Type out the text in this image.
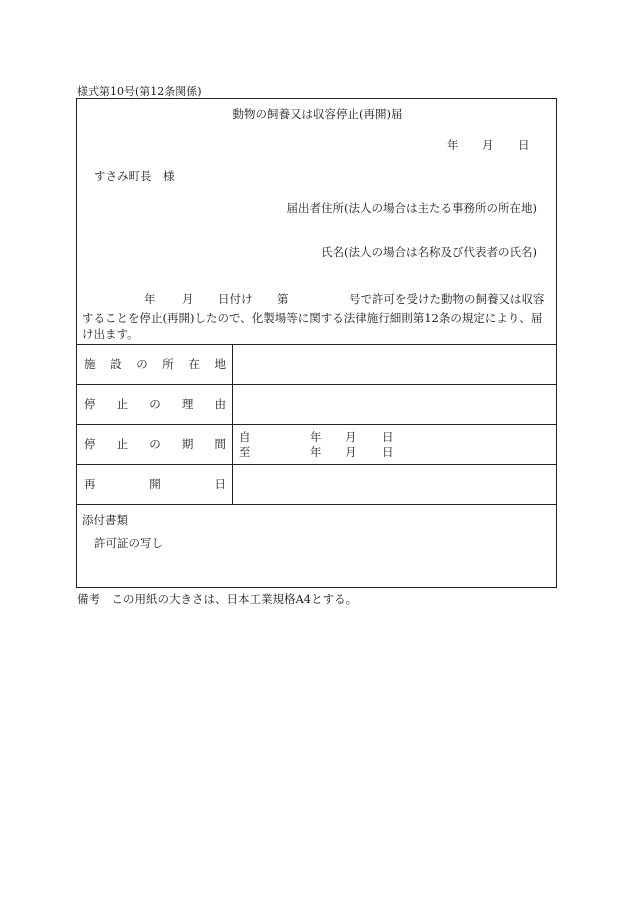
様式第10号(第12条関係)
動物の飼養又は収容停止(再開)届
年 月 日
すさみ町長　様
届出者住所(法人の場合は主たる事務所の所在地)
氏名(法人の場合は名称及び代表者の氏名)

年

月

日付け

第

	号で許可を受けた動物の飼養又は収容

することを停止(再開)したので、化製場等に関する法律施行細則第12条の規定により、届
け出ます。
施 設 の 所 在 地
停 止 の 理 由
停 止 の 期 間 自	年 月 日
至	年 月 日
再	開	日
添付書類
許可証の写し
備考　この用紙の大きさは、日本工業規格A4とする。
